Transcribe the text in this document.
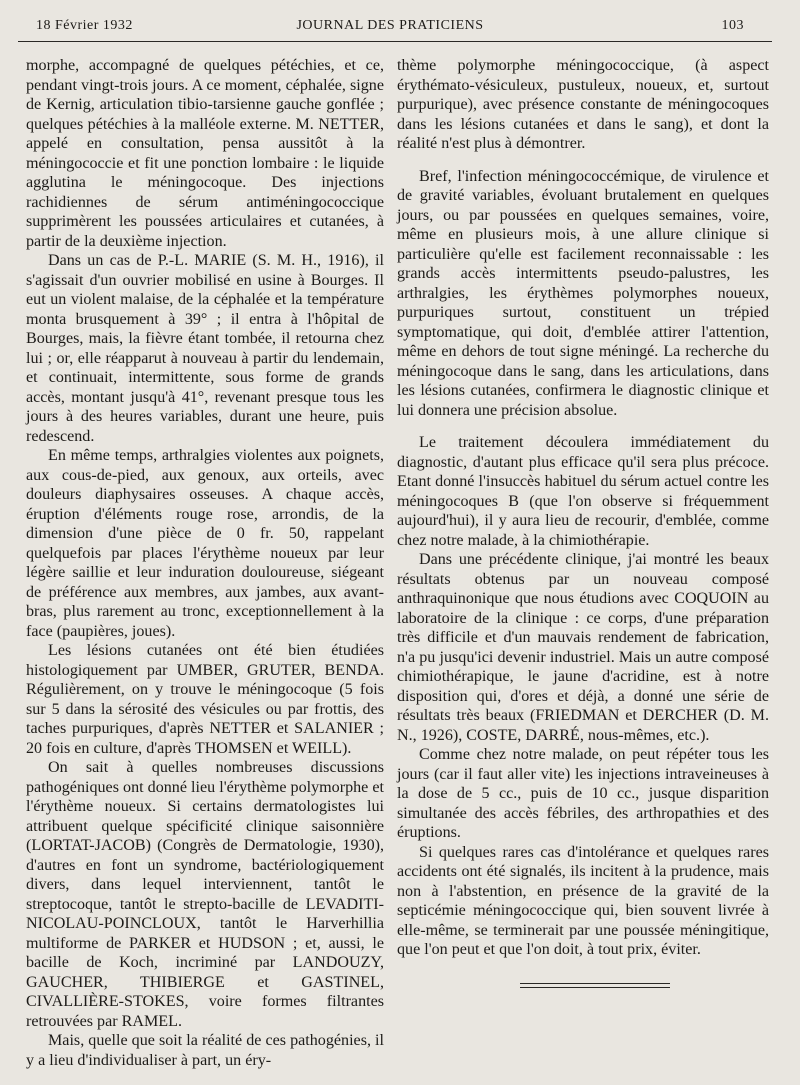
18 Février 1932	JOURNAL DES PRATICIENS	103

morphe, accompagné de quelques pétéchies, et ce, pendant vingt-trois jours. A ce moment, céphalée, signe de Kernig, articulation tibio-tarsienne gauche gonflée ; quelques pétéchies à la malléole externe. M. NETTER, appelé en consultation, pensa aussitôt à la méningococcie et fit une ponction lombaire : le liquide agglutina le méningocoque. Des injections rachidiennes de sérum antiméningococcique supprimèrent les poussées articulaires et cutanées, à partir de la deuxième injection.

Dans un cas de P.-L. MARIE (S. M. H., 1916), il s'agissait d'un ouvrier mobilisé en usine à Bourges. Il eut un violent malaise, de la céphalée et la température monta brusquement à 39° ; il entra à l'hôpital de Bourges, mais, la fièvre étant tombée, il retourna chez lui ; or, elle réapparut à nouveau à partir du lendemain, et continuait, intermittente, sous forme de grands accès, montant jusqu'à 41°, revenant presque tous les jours à des heures variables, durant une heure, puis redescend.

En même temps, arthralgies violentes aux poignets, aux cous-de-pied, aux genoux, aux orteils, avec douleurs diaphysaires osseuses. A chaque accès, éruption d'éléments rouge rose, arrondis, de la dimension d'une pièce de 0 fr. 50, rappelant quelquefois par places l'érythème noueux par leur légère saillie et leur induration douloureuse, siégeant de préférence aux membres, aux jambes, aux avant-bras, plus rarement au tronc, exceptionnellement à la face (paupières, joues).

Les lésions cutanées ont été bien étudiées histologiquement par UMBER, GRUTER, BENDA. Régulièrement, on y trouve le méningocoque (5 fois sur 5 dans la sérosité des vésicules ou par frottis, des taches purpuriques, d'après NETTER et SALANIER ; 20 fois en culture, d'après THOMSEN et WEILL).

On sait à quelles nombreuses discussions pathogéniques ont donné lieu l'érythème polymorphe et l'érythème noueux. Si certains dermatologistes lui attribuent quelque spécificité clinique saisonnière (LORTAT-JACOB) (Congrès de Dermatologie, 1930), d'autres en font un syndrome, bactériologiquement divers, dans lequel interviennent, tantôt le streptocoque, tantôt le strepto-bacille de LEVADITI-NICOLAU-POINCLOUX, tantôt le Harverhillia multiforme de PARKER et HUDSON ; et, aussi, le bacille de Koch, incriminé par LANDOUZY, GAUCHER, THIBIERGE et GASTINEL, CIVALLIÈRE-STOKES, voire formes filtrantes retrouvées par RAMEL.

Mais, quelle que soit la réalité de ces pathogénies, il y a lieu d'individualiser à part, un éry-

thème polymorphe méningococcique, (à aspect érythémato-vésiculeux, pustuleux, noueux, et, surtout purpurique), avec présence constante de méningocoques dans les lésions cutanées et dans le sang), et dont la réalité n'est plus à démontrer.

Bref, l'infection méningococcémique, de virulence et de gravité variables, évoluant brutalement en quelques jours, ou par poussées en quelques semaines, voire, même en plusieurs mois, à une allure clinique si particulière qu'elle est facilement reconnaissable : les grands accès intermittents pseudo-palustres, les arthralgies, les érythèmes polymorphes noueux, purpuriques surtout, constituent un trépied symptomatique, qui doit, d'emblée attirer l'attention, même en dehors de tout signe méningé. La recherche du méningocoque dans le sang, dans les articulations, dans les lésions cutanées, confirmera le diagnostic clinique et lui donnera une précision absolue.

Le traitement découlera immédiatement du diagnostic, d'autant plus efficace qu'il sera plus précoce. Etant donné l'insuccès habituel du sérum actuel contre les méningocoques B (que l'on observe si fréquemment aujourd'hui), il y aura lieu de recourir, d'emblée, comme chez notre malade, à la chimiothérapie.

Dans une précédente clinique, j'ai montré les beaux résultats obtenus par un nouveau composé anthraquinonique que nous étudions avec COQUOIN au laboratoire de la clinique : ce corps, d'une préparation très difficile et d'un mauvais rendement de fabrication, n'a pu jusqu'ici devenir industriel. Mais un autre composé chimiothérapique, le jaune d'acridine, est à notre disposition qui, d'ores et déjà, a donné une série de résultats très beaux (FRIEDMAN et DERCHER (D. M. N., 1926), COSTE, DARRÉ, nous-mêmes, etc.).

Comme chez notre malade, on peut répéter tous les jours (car il faut aller vite) les injections intraveineuses à la dose de 5 cc., puis de 10 cc., jusque disparition simultanée des accès fébriles, des arthropathies et des éruptions.

Si quelques rares cas d'intolérance et quelques rares accidents ont été signalés, ils incitent à la prudence, mais non à l'abstention, en présence de la gravité de la septicémie méningococcique qui, bien souvent livrée à elle-même, se terminerait par une poussée méningitique, que l'on peut et que l'on doit, à tout prix, éviter.
